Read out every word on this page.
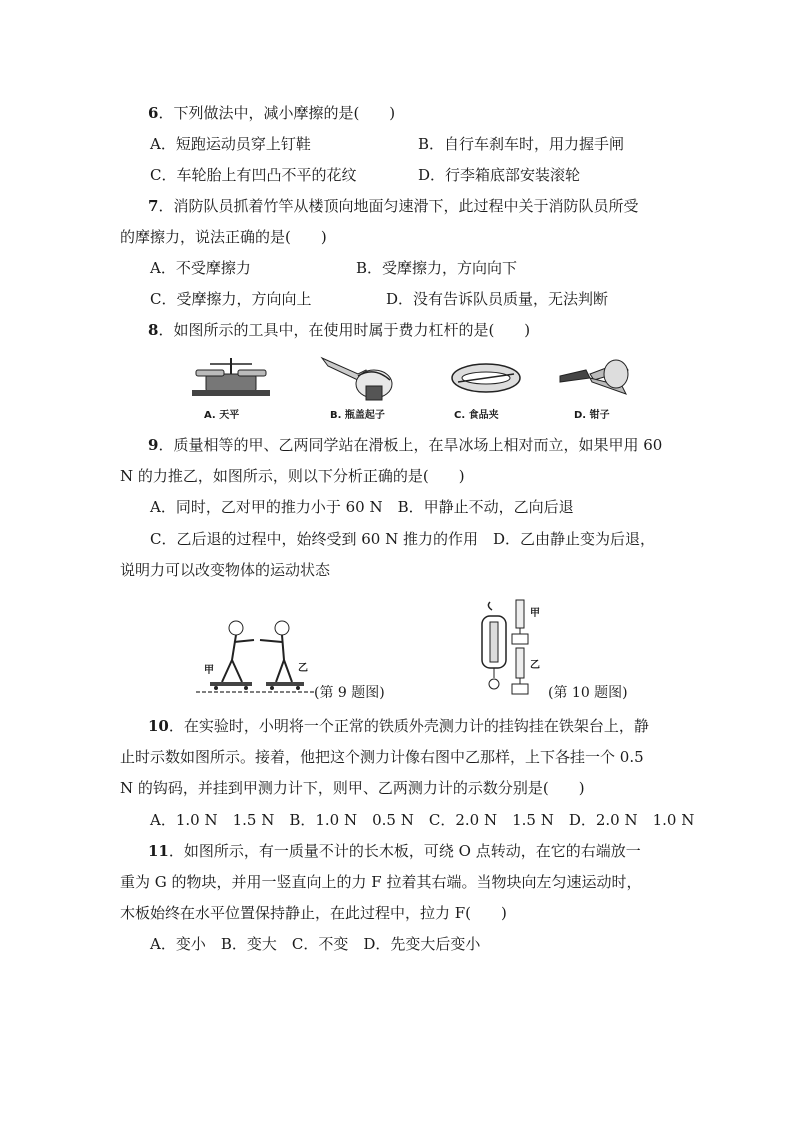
6．下列做法中，减小摩擦的是(　　)
A．短跑运动员穿上钉鞋	B．自行车刹车时，用力握手闸
C．车轮胎上有凹凸不平的花纹	D．行李箱底部安装滚轮
7．消防队员抓着竹竿从楼顶向地面匀速滑下，此过程中关于消防队员所受
的摩擦力，说法正确的是(　　)
A．不受摩擦力	B．受摩擦力，方向向下
C．受摩擦力，方向向上	D．没有告诉队员质量，无法判断
8．如图所示的工具中，在使用时属于费力杠杆的是(　　)
A. 天平	B. 瓶盖起子	C. 食品夹	D. 钳子
9．质量相等的甲、乙两同学站在滑板上，在旱冰场上相对而立，如果甲用 60
N 的力推乙，如图所示，则以下分析正确的是(　　)
A．同时，乙对甲的推力小于 60 N　B．甲静止不动，乙向后退
C．乙后退的过程中，始终受到 60 N 推力的作用　D．乙由静止变为后退，
说明力可以改变物体的运动状态
甲	乙
(第 9 题图)
甲
乙
(第 10 题图)
10．在实验时，小明将一个正常的铁质外壳测力计的挂钩挂在铁架台上，静
止时示数如图所示。接着，他把这个测力计像右图中乙那样，上下各挂一个 0.5
N 的钩码，并挂到甲测力计下，则甲、乙两测力计的示数分别是(　　)
A．1.0 N　1.5 N　B．1.0 N　0.5 N　C．2.0 N　1.5 N　D．2.0 N　1.0 N
11．如图所示，有一质量不计的长木板，可绕 O 点转动，在它的右端放一
重为 G 的物块，并用一竖直向上的力 F 拉着其右端。当物块向左匀速运动时，
木板始终在水平位置保持静止，在此过程中，拉力 F(　　)
A．变小　B．变大　C．不变　D．先变大后变小
